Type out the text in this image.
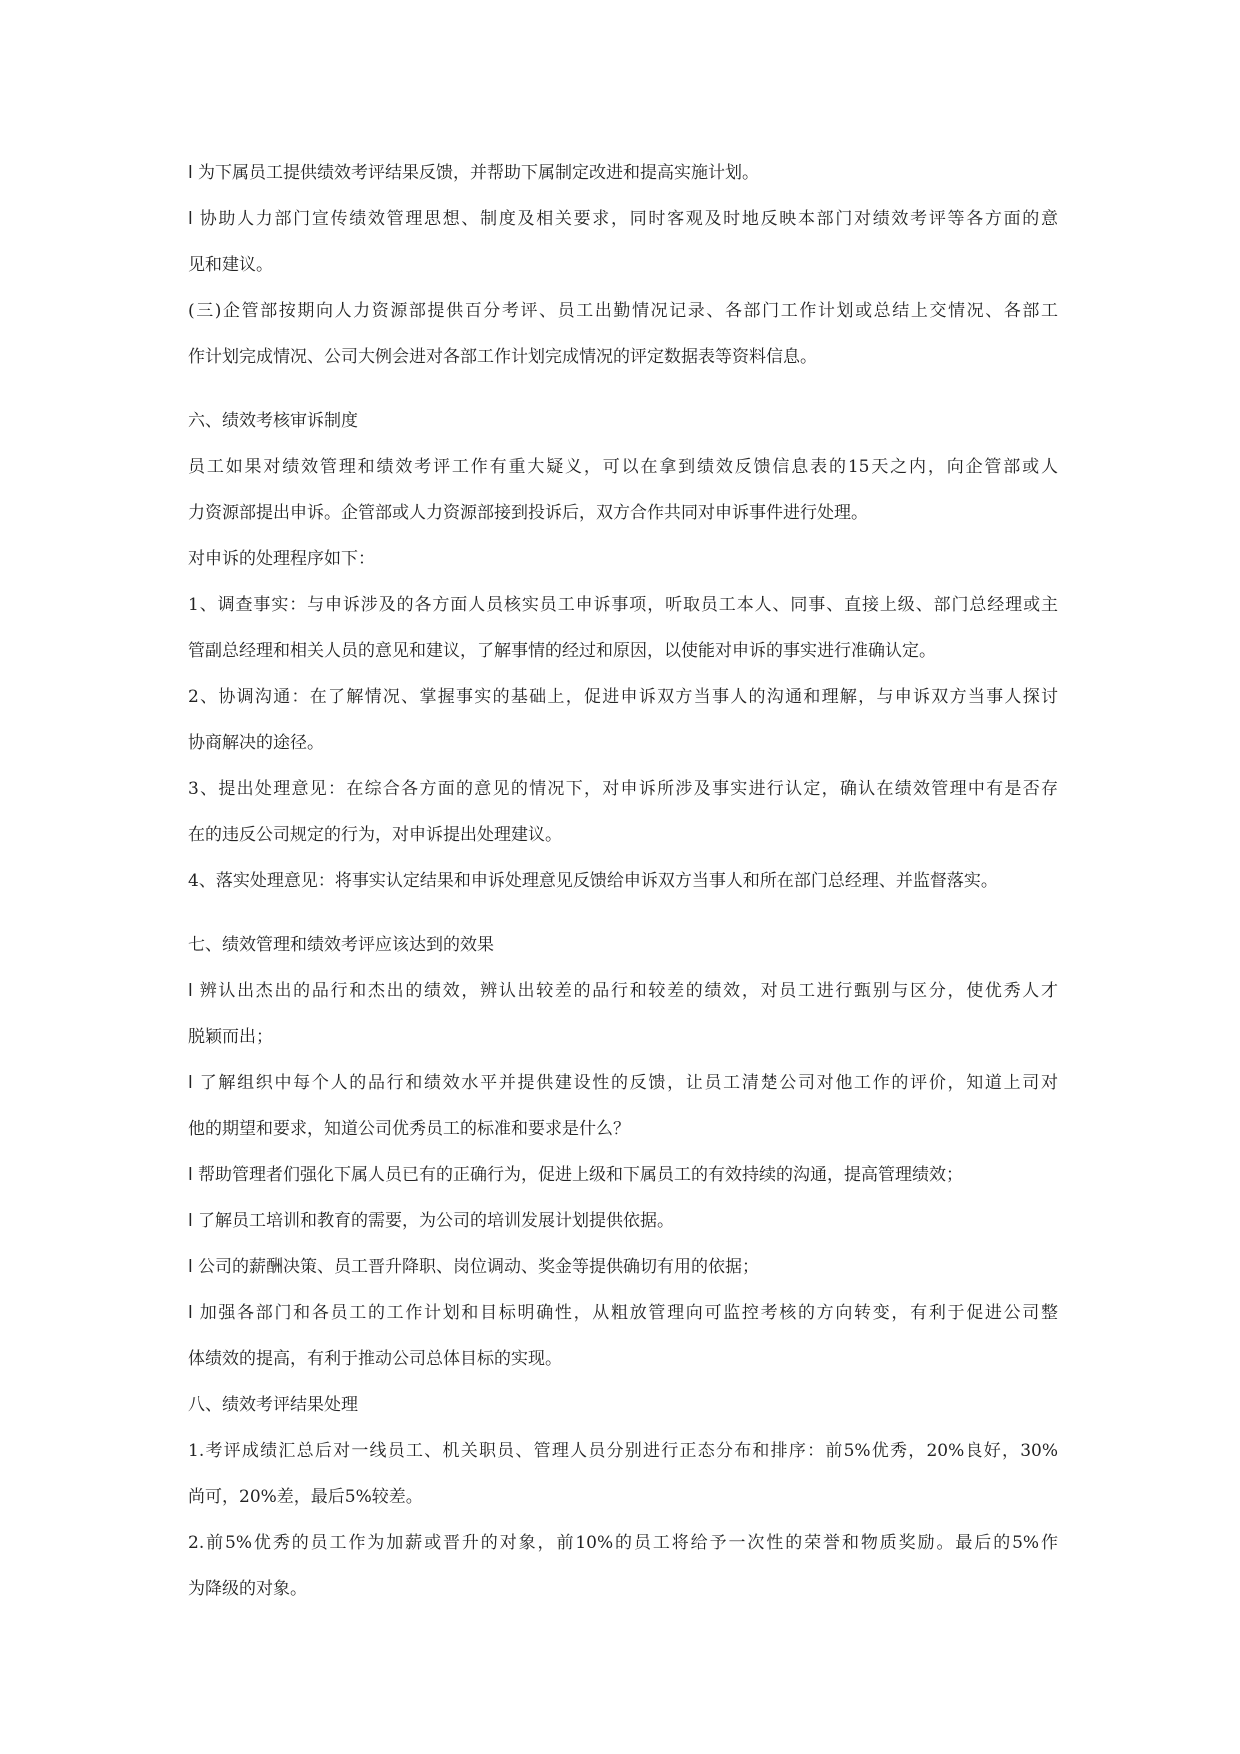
l 为下属员工提供绩效考评结果反馈，并帮助下属制定改进和提高实施计划。
l 协助人力部门宣传绩效管理思想、制度及相关要求，同时客观及时地反映本部门对绩效考评等各方面的意
见和建议。
(三)企管部按期向人力资源部提供百分考评、员工出勤情况记录、各部门工作计划或总结上交情况、各部工
作计划完成情况、公司大例会进对各部工作计划完成情况的评定数据表等资料信息。
六、绩效考核审诉制度
员工如果对绩效管理和绩效考评工作有重大疑义，可以在拿到绩效反馈信息表的15天之内，向企管部或人
力资源部提出申诉。企管部或人力资源部接到投诉后，双方合作共同对申诉事件进行处理。
对申诉的处理程序如下：
1、调查事实：与申诉涉及的各方面人员核实员工申诉事项，听取员工本人、同事、直接上级、部门总经理或主
管副总经理和相关人员的意见和建议，了解事情的经过和原因，以使能对申诉的事实进行准确认定。
2、协调沟通：在了解情况、掌握事实的基础上，促进申诉双方当事人的沟通和理解，与申诉双方当事人探讨
协商解决的途径。
3、提出处理意见：在综合各方面的意见的情况下，对申诉所涉及事实进行认定，确认在绩效管理中有是否存
在的违反公司规定的行为，对申诉提出处理建议。
4、落实处理意见：将事实认定结果和申诉处理意见反馈给申诉双方当事人和所在部门总经理、并监督落实。
七、绩效管理和绩效考评应该达到的效果
l 辨认出杰出的品行和杰出的绩效，辨认出较差的品行和较差的绩效，对员工进行甄别与区分，使优秀人才
脱颖而出；
l 了解组织中每个人的品行和绩效水平并提供建设性的反馈，让员工清楚公司对他工作的评价，知道上司对
他的期望和要求，知道公司优秀员工的标准和要求是什么？
l 帮助管理者们强化下属人员已有的正确行为，促进上级和下属员工的有效持续的沟通，提高管理绩效；
l 了解员工培训和教育的需要，为公司的培训发展计划提供依据。
l 公司的薪酬决策、员工晋升降职、岗位调动、奖金等提供确切有用的依据；
l 加强各部门和各员工的工作计划和目标明确性，从粗放管理向可监控考核的方向转变，有利于促进公司整
体绩效的提高，有利于推动公司总体目标的实现。
八、绩效考评结果处理
1.考评成绩汇总后对一线员工、机关职员、管理人员分别进行正态分布和排序：前5%优秀，20%良好，30%
尚可，20%差，最后5%较差。
2.前5%优秀的员工作为加薪或晋升的对象，前10%的员工将给予一次性的荣誉和物质奖励。最后的5%作
为降级的对象。
